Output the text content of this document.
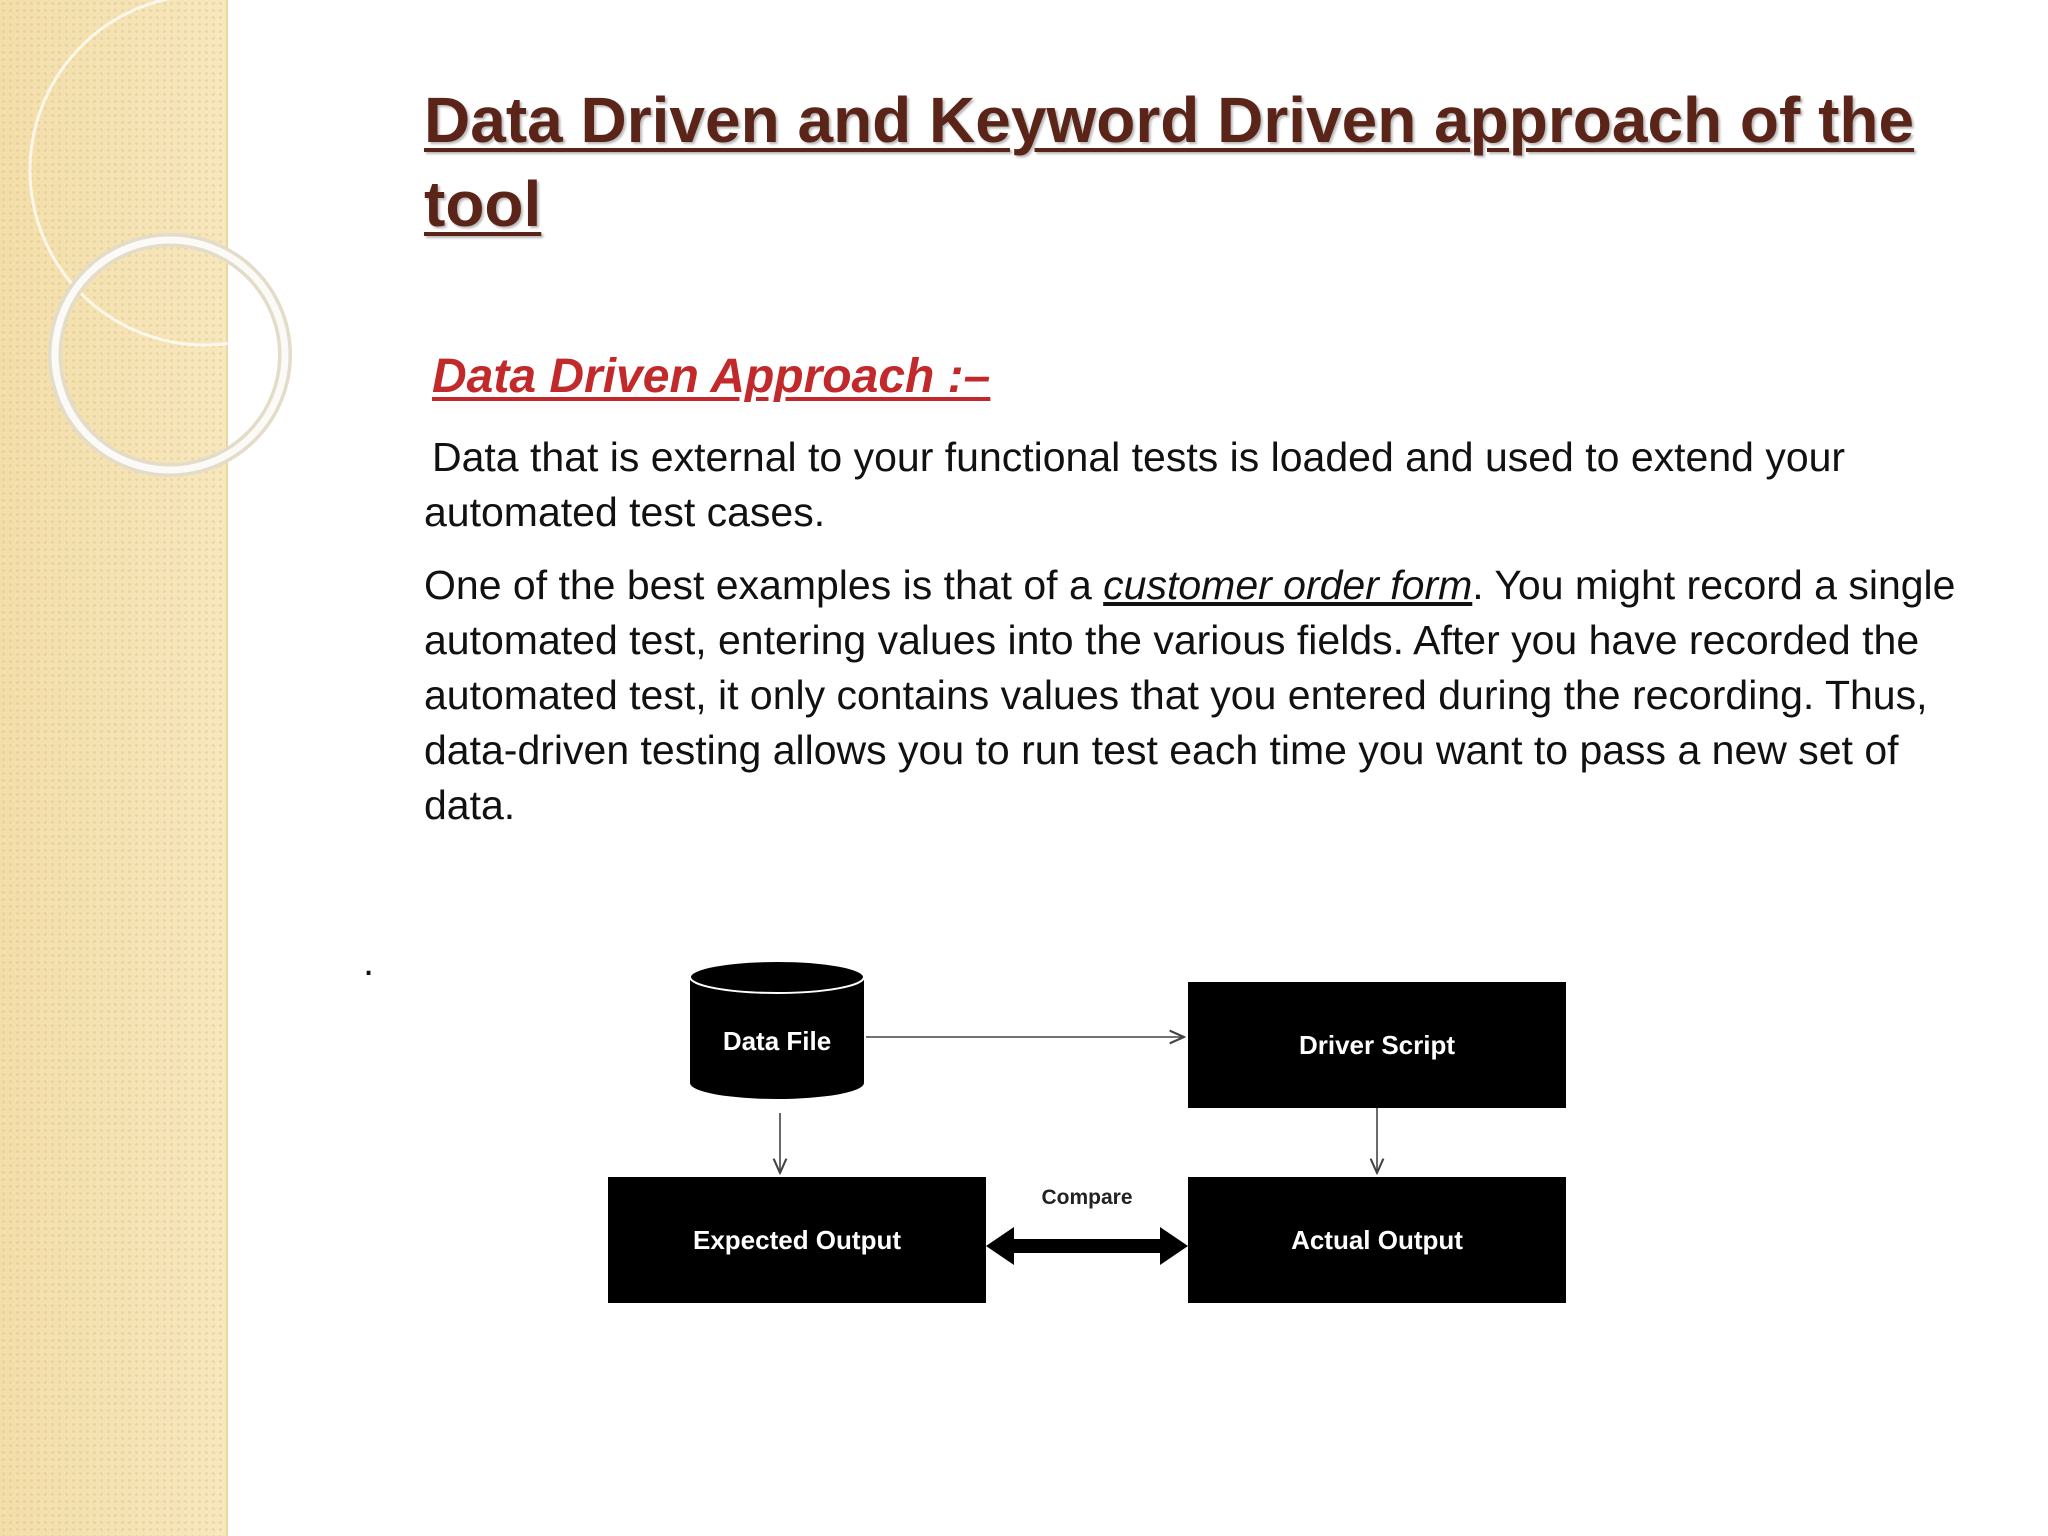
Data Driven and Keyword Driven approach of the tool
Data Driven Approach :–

Data that is external to your functional tests is loaded and used to extend your automated test cases.

One of the best examples is that of a customer order form. You might record a single automated test, entering values into the various fields. After you have recorded the automated test, it only contains values that you entered during the recording. Thus, data-driven testing allows you to run test each time you want to pass a new set of data.

.
Data File	Driver Script
Expected Output	Actual Output
Compare
